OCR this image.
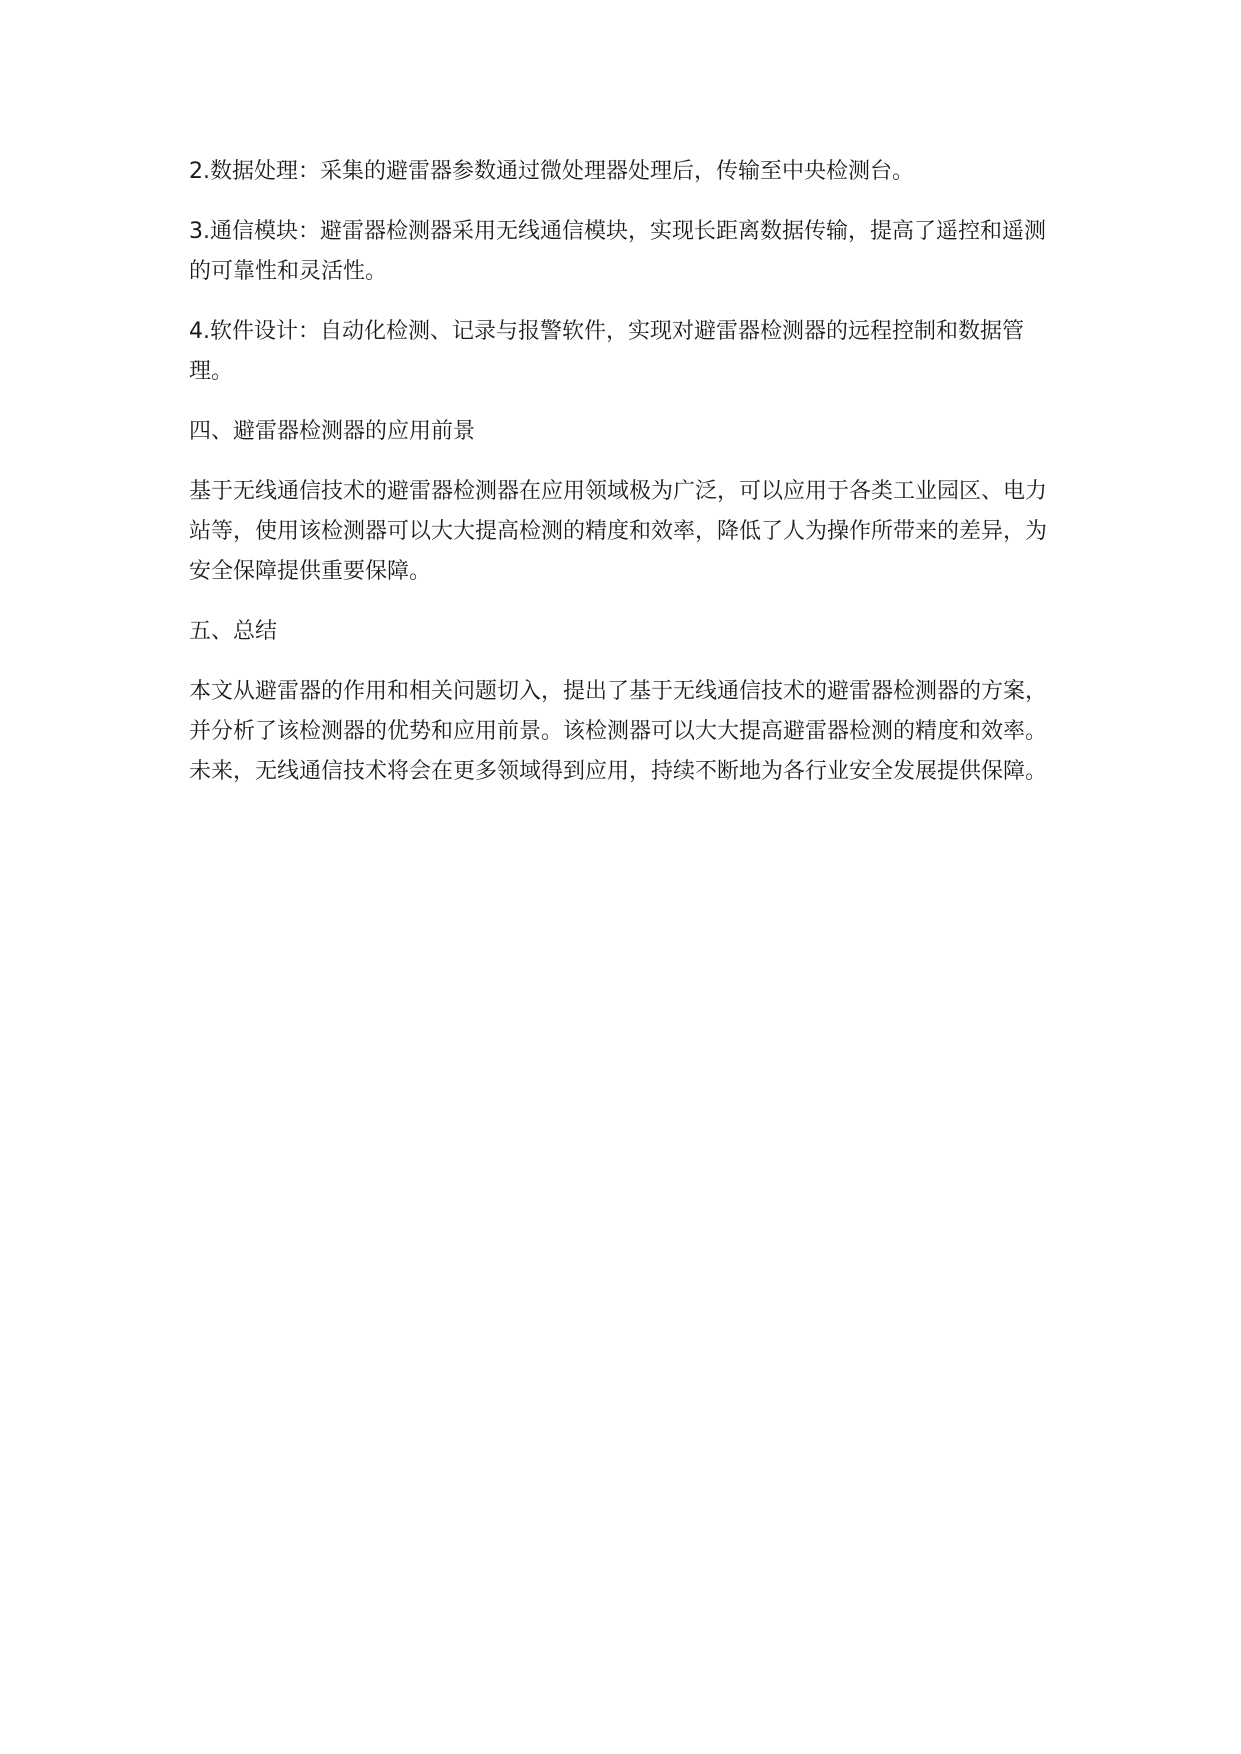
2.数据处理：采集的避雷器参数通过微处理器处理后，传输至中央检测台。

3.通信模块：避雷器检测器采用无线通信模块，实现长距离数据传输，提高了遥控和遥测的可靠性和灵活性。

4.软件设计：自动化检测、记录与报警软件，实现对避雷器检测器的远程控制和数据管理。

四、避雷器检测器的应用前景

基于无线通信技术的避雷器检测器在应用领域极为广泛，可以应用于各类工业园区、电力站等，使用该检测器可以大大提高检测的精度和效率，降低了人为操作所带来的差异，为安全保障提供重要保障。

五、总结

本文从避雷器的作用和相关问题切入，提出了基于无线通信技术的避雷器检测器的方案，并分析了该检测器的优势和应用前景。该检测器可以大大提高避雷器检测的精度和效率。未来，无线通信技术将会在更多领域得到应用，持续不断地为各行业安全发展提供保障。
